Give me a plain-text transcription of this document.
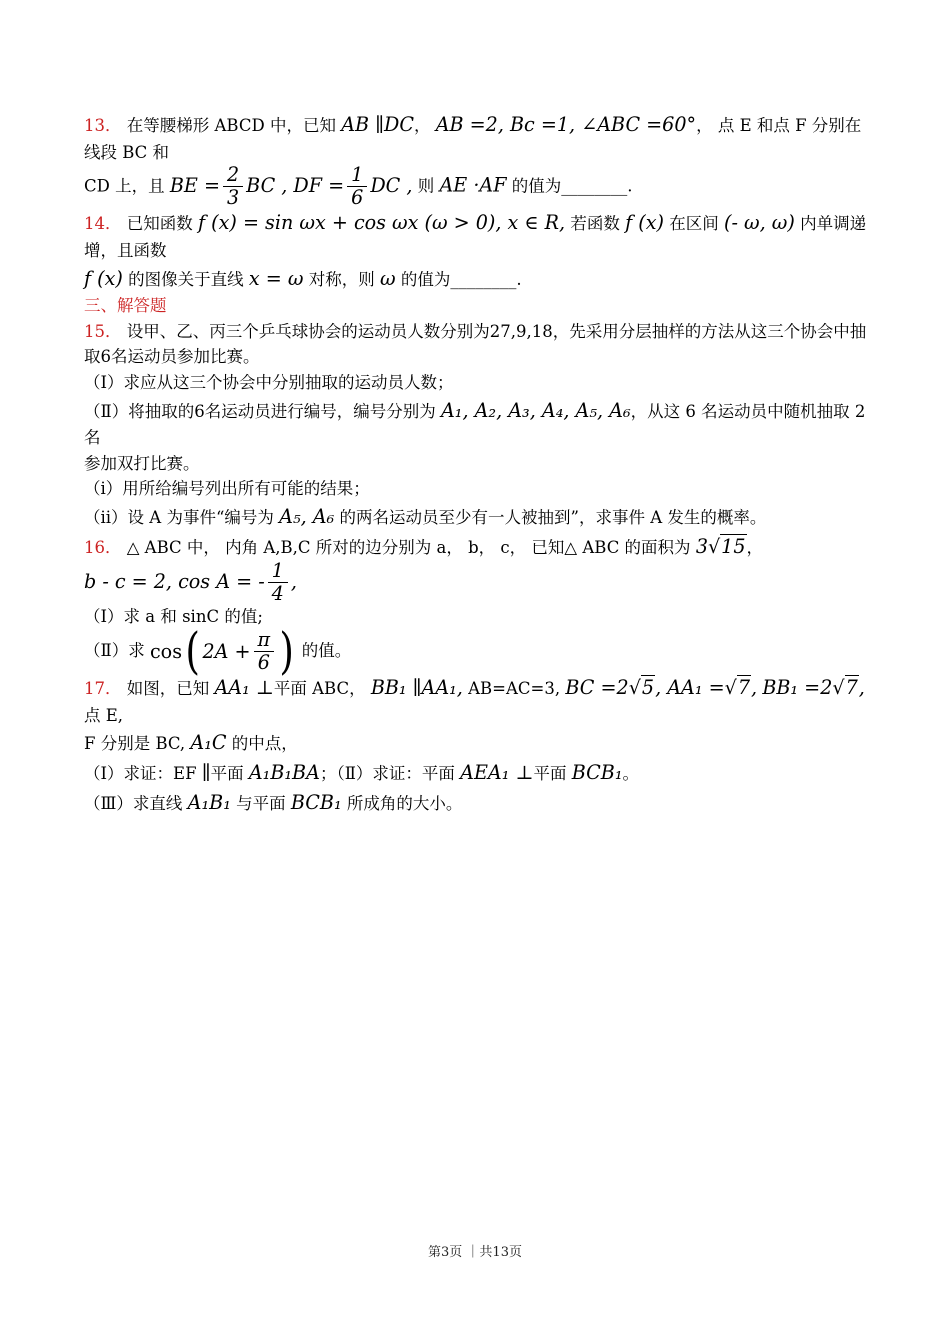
13． 在等腰梯形 ABCD 中，已知 AB ∥DC， AB =2, Bc =1, ∠ABC =60°， 点 E 和点 F 分别在线段 BC 和

CD 上，且 BE = $\frac{2}{3}$ BC , DF = $\frac{1}{6}$ DC , 则 AE ·AF 的值为________.

14． 已知函数 f (x) = sin ωx + cos ωx (ω > 0), x ∈ R, 若函数 f (x) 在区间 (- ω, ω) 内单调递增，且函数

f (x) 的图像关于直线 x = ω 对称，则 ω 的值为________.

三、解答题

15． 设甲、乙、丙三个乒乓球协会的运动员人数分别为27,9,18，先采用分层抽样的方法从这三个协会中抽取6名运动员参加比赛。

（Ⅰ）求应从这三个协会中分别抽取的运动员人数；

（Ⅱ）将抽取的6名运动员进行编号，编号分别为 A₁, A₂, A₃, A₄, A₅, A₆，从这 6 名运动员中随机抽取 2 名

参加双打比赛。

（ⅰ）用所给编号列出所有可能的结果；

（ⅱ）设 A 为事件“编号为 A₅, A₆ 的两名运动员至少有一人被抽到”，求事件 A 发生的概率。

16． △ ABC 中， 内角 A,B,C 所对的边分别为 a， b， c， 已知△ ABC 的面积为 3√15，

b - c = 2, cos A = - $\frac{1}{4}$ ,

（Ⅰ）求 a 和 sinC 的值;

（Ⅱ）求 cos ( $2A + \frac{\pi}{6}$ ) 的值。

17． 如图，已知 AA₁ ⊥平面 ABC， BB₁ ∥AA₁, AB=AC=3, BC =2√5, AA₁ =√7, BB₁ =2√7, 点 E,

F 分别是 BC, A₁C 的中点，

（Ⅰ）求证：EF ∥平面 A₁B₁BA；（Ⅱ）求证：平面 AEA₁ ⊥平面 BCB₁。

（Ⅲ）求直线 A₁B₁ 与平面 BCB₁ 所成角的大小。

第3页 ｜共13页
